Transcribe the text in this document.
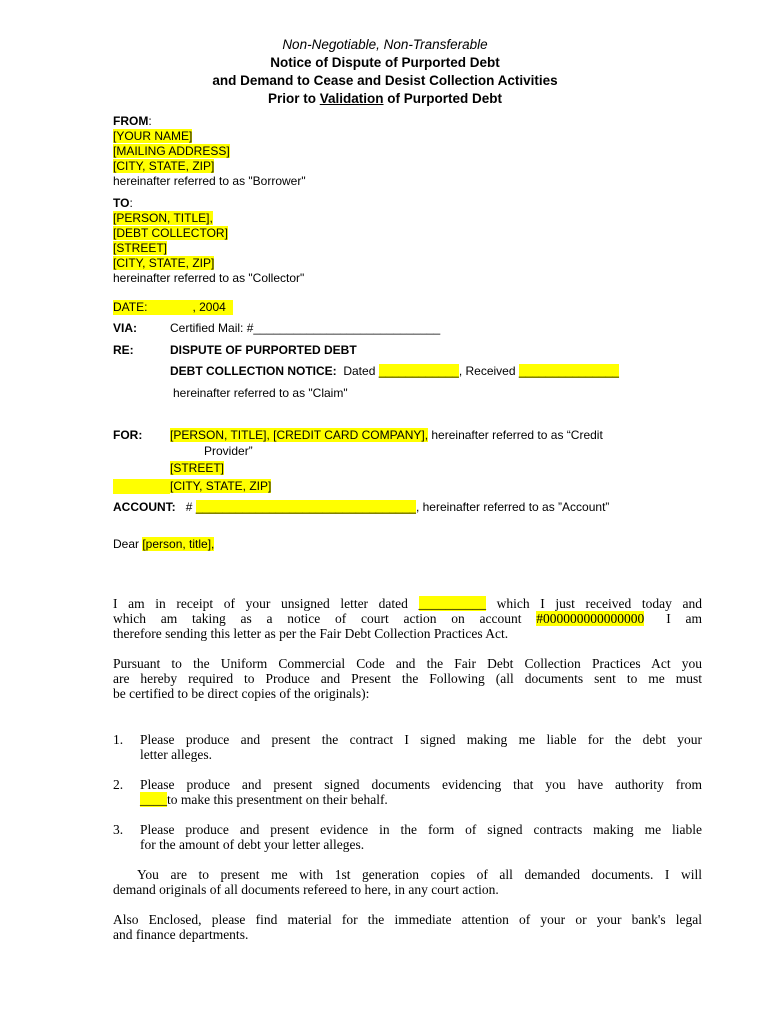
Non-Negotiable, Non-Transferable
Notice of Dispute of Purported Debt
and Demand to Cease and Desist Collection Activities
Prior to Validation of Purported Debt
FROM:
[YOUR NAME]
[MAILING ADDRESS]
[CITY, STATE, ZIP]
hereinafter referred to as "Borrower"
TO:
[PERSON, TITLE],
[DEBT COLLECTOR]
[STREET]
[CITY, STATE, ZIP]
hereinafter referred to as "Collector"
DATE:	, 2004
VIA:	Certified Mail: #____________________________
RE:	DISPUTE OF PURPORTED DEBT
DEBT COLLECTION NOTICE: Dated ____________, Received _______________
hereinafter referred to as "Claim"
FOR: [PERSON, TITLE], [CREDIT CARD COMPANY], hereinafter referred to as “Credit
Provider”
[STREET]
[CITY, STATE, ZIP]
ACCOUNT: # _________________________________, hereinafter referred to as ”Account”
Dear [person, title],
I am in receipt of your unsigned letter dated __________ which I just received today and
which am taking as a notice of court action on account #000000000000000 I am
therefore sending this letter as per the Fair Debt Collection Practices Act.
Pursuant to the Uniform Commercial Code and the Fair Debt Collection Practices Act you
are hereby required to Produce and Present the Following (all documents sent to me must
be certified to be direct copies of the originals):
1. Please produce and present the contract I signed making me liable for the debt your
letter alleges.
2. Please produce and present signed documents evidencing that you have authority from
____to make this presentment on their behalf.
3. Please produce and present evidence in the form of signed contracts making me liable
for the amount of debt your letter alleges.
You are to present me with 1st generation copies of all demanded documents. I will
demand originals of all documents refereed to here, in any court action.
Also Enclosed, please find material for the immediate attention of your or your bank's legal
and finance departments.
